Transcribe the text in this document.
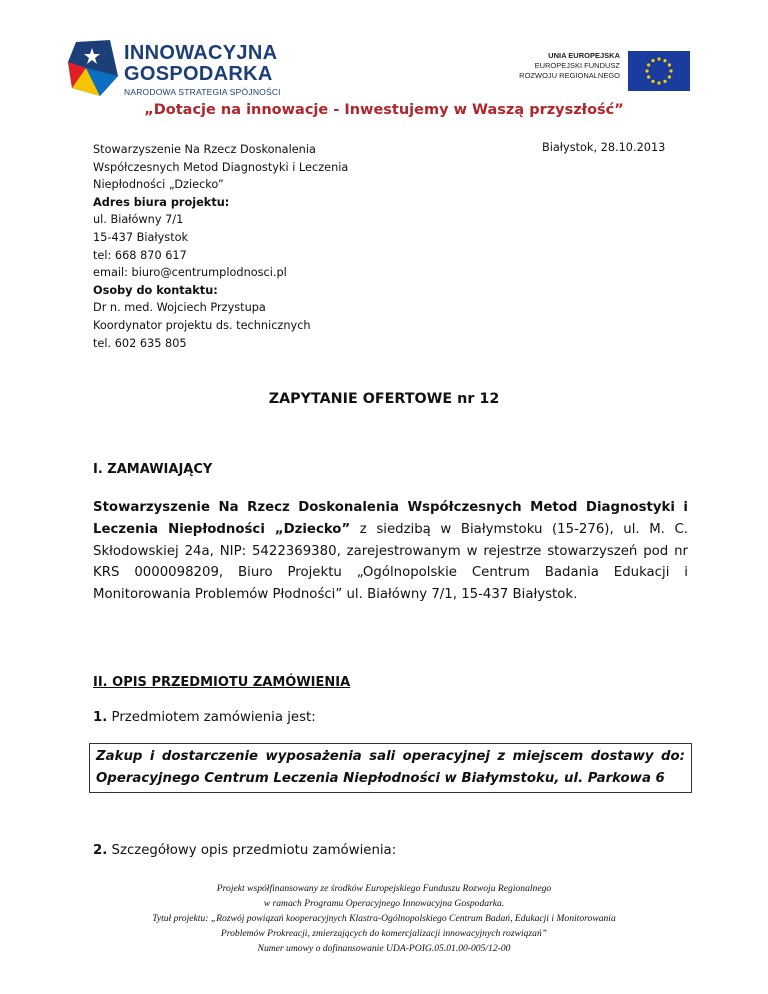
INNOWACYJNA
GOSPODARKA
NARODOWA STRATEGIA SPÓJNOŚCI
UNIA EUROPEJSKA
EUROPEJSKI FUNDUSZ
ROZWOJU REGIONALNEGO
„Dotacje na innowacje - Inwestujemy w Waszą przyszłość”
Stowarzyszenie Na Rzecz Doskonalenia
Współczesnych Metod Diagnostyki i Leczenia
Niepłodności „Dziecko”
Adres biura projektu:
ul. Białówny 7/1
15-437 Białystok
tel: 668 870 617
email: biuro@centrumplodnosci.pl
Osoby do kontaktu:
Dr n. med. Wojciech Przystupa
Koordynator projektu ds. technicznych
tel. 602 635 805
Białystok, 28.10.2013
ZAPYTANIE OFERTOWE nr 12
I. ZAMAWIAJĄCY
Stowarzyszenie Na Rzecz Doskonalenia Współczesnych Metod Diagnostyki i Leczenia Niepłodności „Dziecko” z siedzibą w Białymstoku (15-276), ul. M. C. Skłodowskiej 24a, NIP: 5422369380, zarejestrowanym w rejestrze stowarzyszeń pod nr KRS 0000098209, Biuro Projektu „Ogólnopolskie Centrum Badania Edukacji i Monitorowania Problemów Płodności” ul. Białówny 7/1, 15-437 Białystok.
II. OPIS PRZEDMIOTU ZAMÓWIENIA
1. Przedmiotem zamówienia jest:
Zakup i dostarczenie wyposażenia sali operacyjnej z miejscem dostawy do: Operacyjnego Centrum Leczenia Niepłodności w Białymstoku, ul. Parkowa 6
2. Szczegółowy opis przedmiotu zamówienia:
Projekt współfinansowany ze środków Europejskiego Funduszu Rozwoju Regionalnego
w ramach Programu Operacyjnego Innowacyjna Gospodarka.
Tytuł projektu: „Rozwój powiązań kooperacyjnych Klastra-Ogólnopolskiego Centrum Badań, Edukacji i Monitorowania
Problemów Prokreacji, zmierzających do komercjalizacji innowacyjnych rozwiązań”
Numer umowy o dofinansowanie UDA-POIG.05.01.00-005/12-00
